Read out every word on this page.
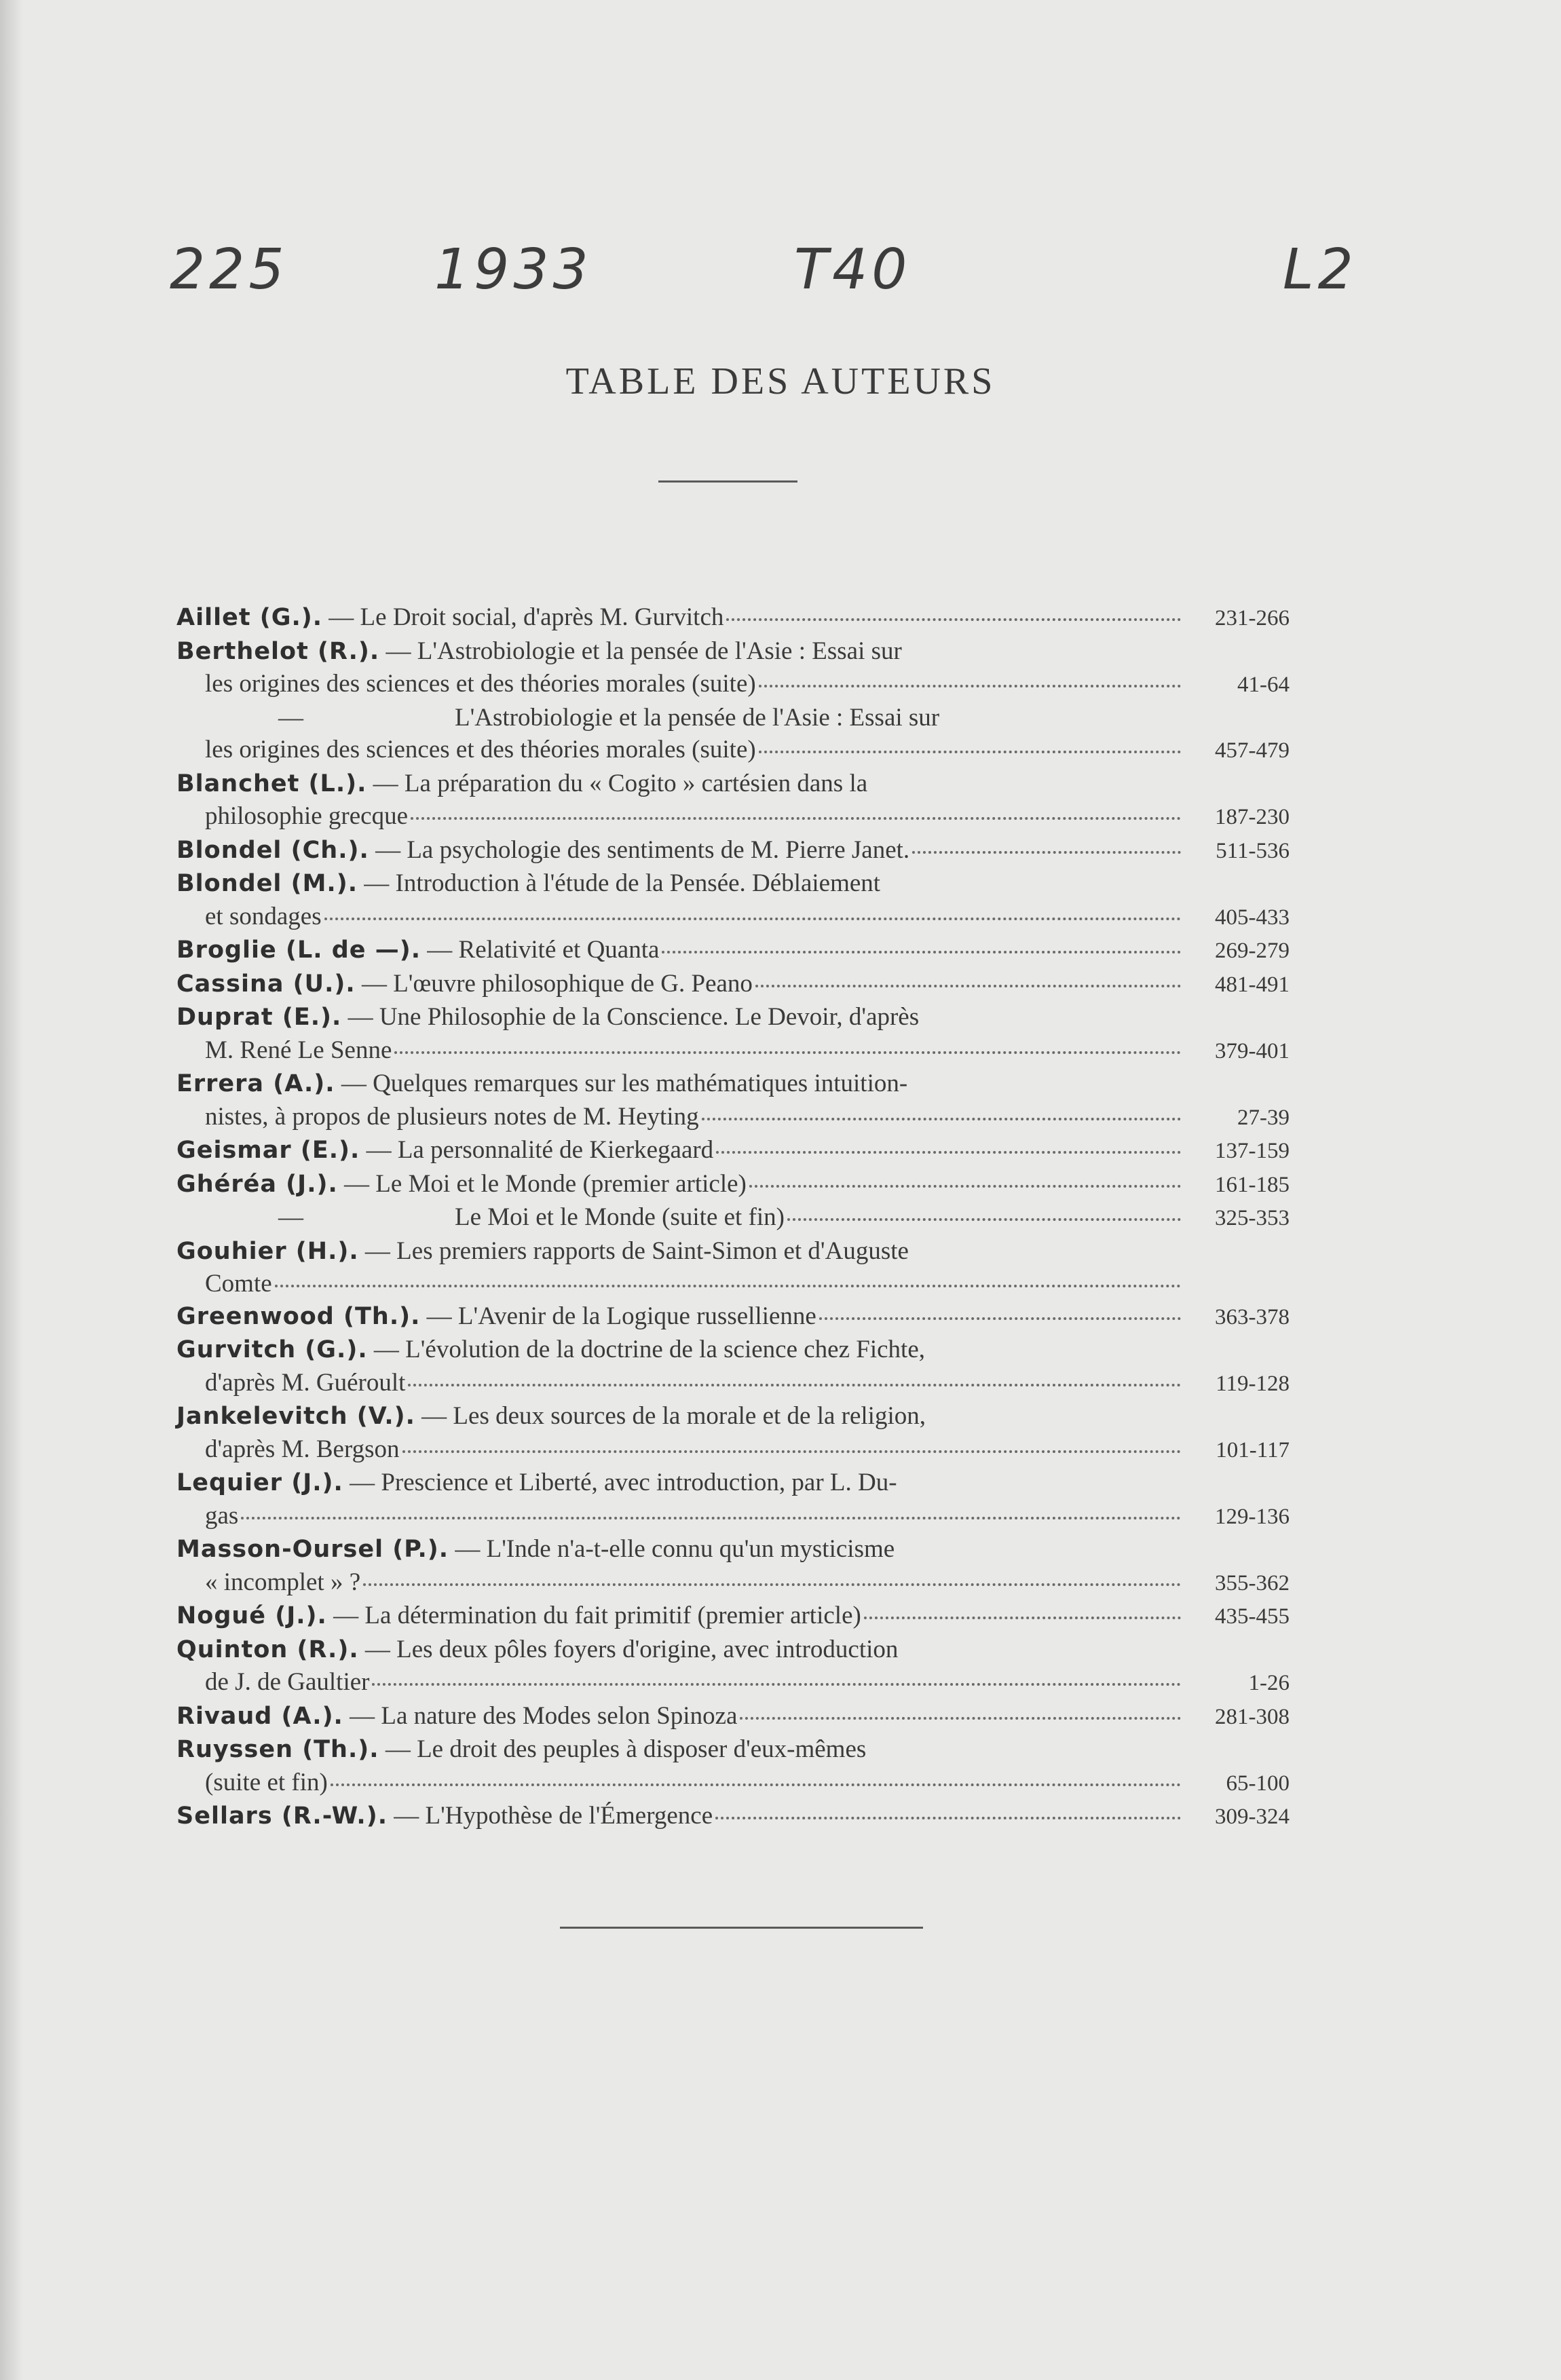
225	1933	T40	L2
TABLE DES AUTEURS
Aillet (G.).
— Le Droit social, d'après M. Gurvitch	231-266
Berthelot (R.).
— L'Astrobiologie et la pensée de l'Asie : Essai sur
les origines des sciences et des théories morales (suite)	41-64
—	L'Astrobiologie et la pensée de l'Asie : Essai sur
les origines des sciences et des théories morales (suite)	457-479
Blanchet (L.).
— La préparation du « Cogito » cartésien dans la
philosophie grecque	187-230
Blondel (Ch.).
— La psychologie des sentiments de M. Pierre Janet.	511-536
Blondel (M.).
— Introduction à l'étude de la Pensée. Déblaiement
et sondages	405-433
Broglie (L. de —).
— Relativité et Quanta	269-279
Cassina (U.).
— L'œuvre philosophique de G. Peano	481-491
Duprat (E.).
— Une Philosophie de la Conscience. Le Devoir, d'après
M. René Le Senne	379-401
Errera (A.).
— Quelques remarques sur les mathématiques intuition-
nistes, à propos de plusieurs notes de M. Heyting	27-39
Geismar (E.).
— La personnalité de Kierkegaard	137-159
Ghéréa (J.).
— Le Moi et le Monde (premier article)	161-185
—	Le Moi et le Monde (suite et fin)	325-353
Gouhier (H.).
— Les premiers rapports de Saint-Simon et d'Auguste
Comte
Greenwood (Th.).
— L'Avenir de la Logique russellienne	363-378
Gurvitch (G.).
— L'évolution de la doctrine de la science chez Fichte,
d'après M. Guéroult	119-128
Jankelevitch (V.).
— Les deux sources de la morale et de la religion,
d'après M. Bergson	101-117
Lequier (J.).
— Prescience et Liberté, avec introduction, par L. Du-
gas	129-136
Masson-Oursel (P.).
— L'Inde n'a-t-elle connu qu'un mysticisme
« incomplet » ?	355-362
Nogué (J.).
— La détermination du fait primitif (premier article)	435-455
Quinton (R.).
— Les deux pôles foyers d'origine, avec introduction
de J. de Gaultier	1-26
Rivaud (A.).
— La nature des Modes selon Spinoza	281-308
Ruyssen (Th.).
— Le droit des peuples à disposer d'eux-mêmes
(suite et fin)	65-100
Sellars (R.-W.).
— L'Hypothèse de l'Émergence	309-324
